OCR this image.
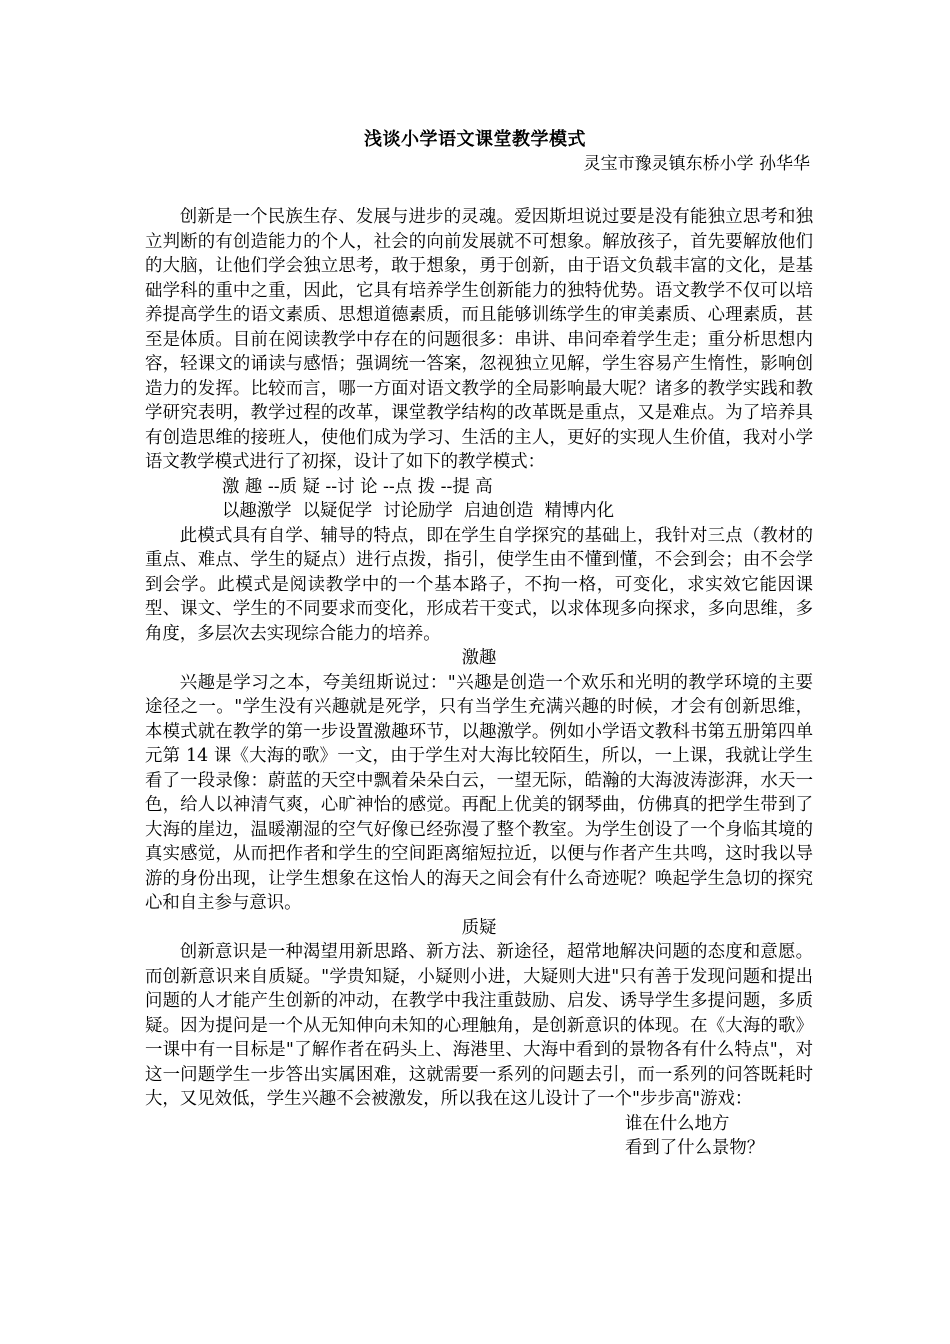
浅谈小学语文课堂教学模式
灵宝市豫灵镇东桥小学 孙华华

创新是一个民族生存、发展与进步的灵魂。爱因斯坦说过要是没有能独立思考和独立判断的有创造能力的个人，社会的向前发展就不可想象。解放孩子，首先要解放他们的大脑，让他们学会独立思考，敢于想象，勇于创新，由于语文负载丰富的文化，是基础学科的重中之重，因此，它具有培养学生创新能力的独特优势。语文教学不仅可以培养提高学生的语文素质、思想道德素质，而且能够训练学生的审美素质、心理素质，甚至是体质。目前在阅读教学中存在的问题很多：串讲、串问牵着学生走；重分析思想内容，轻课文的诵读与感悟；强调统一答案，忽视独立见解，学生容易产生惰性，影响创造力的发挥。比较而言，哪一方面对语文教学的全局影响最大呢？诸多的教学实践和教学研究表明，教学过程的改革，课堂教学结构的改革既是重点，又是难点。为了培养具有创造思维的接班人，使他们成为学习、生活的主人，更好的实现人生价值，我对小学语文教学模式进行了初探，设计了如下的教学模式：

激 趣 --质 疑 --讨 论 --点 拨 --提 高

以趣激学  以疑促学  讨论励学  启迪创造  精博内化

此模式具有自学、辅导的特点，即在学生自学探究的基础上，我针对三点（教材的重点、难点、学生的疑点）进行点拨，指引，使学生由不懂到懂，不会到会；由不会学到会学。此模式是阅读教学中的一个基本路子，不拘一格，可变化，求实效它能因课型、课文、学生的不同要求而变化，形成若干变式，以求体现多向探求，多向思维，多角度，多层次去实现综合能力的培养。

激趣

兴趣是学习之本，夸美纽斯说过："兴趣是创造一个欢乐和光明的教学环境的主要途径之一。"学生没有兴趣就是死学，只有当学生充满兴趣的时候，才会有创新思维，本模式就在教学的第一步设置激趣环节，以趣激学。例如小学语文教科书第五册第四单元第 14 课《大海的歌》一文，由于学生对大海比较陌生，所以，一上课，我就让学生看了一段录像：蔚蓝的天空中飘着朵朵白云，一望无际，皓瀚的大海波涛澎湃，水天一色，给人以神清气爽，心旷神怡的感觉。再配上优美的钢琴曲，仿佛真的把学生带到了大海的崖边，温暖潮湿的空气好像已经弥漫了整个教室。为学生创设了一个身临其境的真实感觉，从而把作者和学生的空间距离缩短拉近，以便与作者产生共鸣，这时我以导游的身份出现，让学生想象在这怡人的海天之间会有什么奇迹呢？唤起学生急切的探究心和自主参与意识。

质疑

创新意识是一种渴望用新思路、新方法、新途径，超常地解决问题的态度和意愿。而创新意识来自质疑。"学贵知疑，小疑则小进，大疑则大进"只有善于发现问题和提出问题的人才能产生创新的冲动，在教学中我注重鼓励、启发、诱导学生多提问题，多质疑。因为提问是一个从无知伸向未知的心理触角，是创新意识的体现。在《大海的歌》一课中有一目标是"了解作者在码头上、海港里、大海中看到的景物各有什么特点"，对这一问题学生一步答出实属困难，这就需要一系列的问题去引，而一系列的问答既耗时大，又见效低，学生兴趣不会被激发，所以我在这儿设计了一个"步步高"游戏：

谁在什么地方

看到了什么景物？
